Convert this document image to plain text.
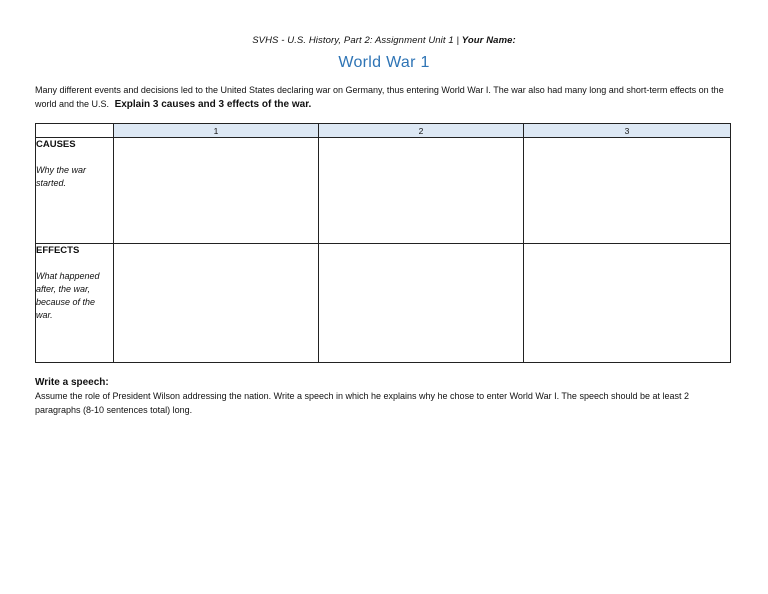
SVHS - U.S. History, Part 2: Assignment Unit 1 | Your Name:
World War 1
Many different events and decisions led to the United States declaring war on Germany, thus entering World War I. The war also had many long and short-term effects on the world and the U.S. Explain 3 causes and 3 effects of the war.
	1	2	3

CAUSES
Why the war started.			

EFFECTS
What happened after, the war, because of the war.			

Write a speech:
Assume the role of President Wilson addressing the nation. Write a speech in which he explains why he chose to enter World War I. The speech should be at least 2 paragraphs (8-10 sentences total) long.
